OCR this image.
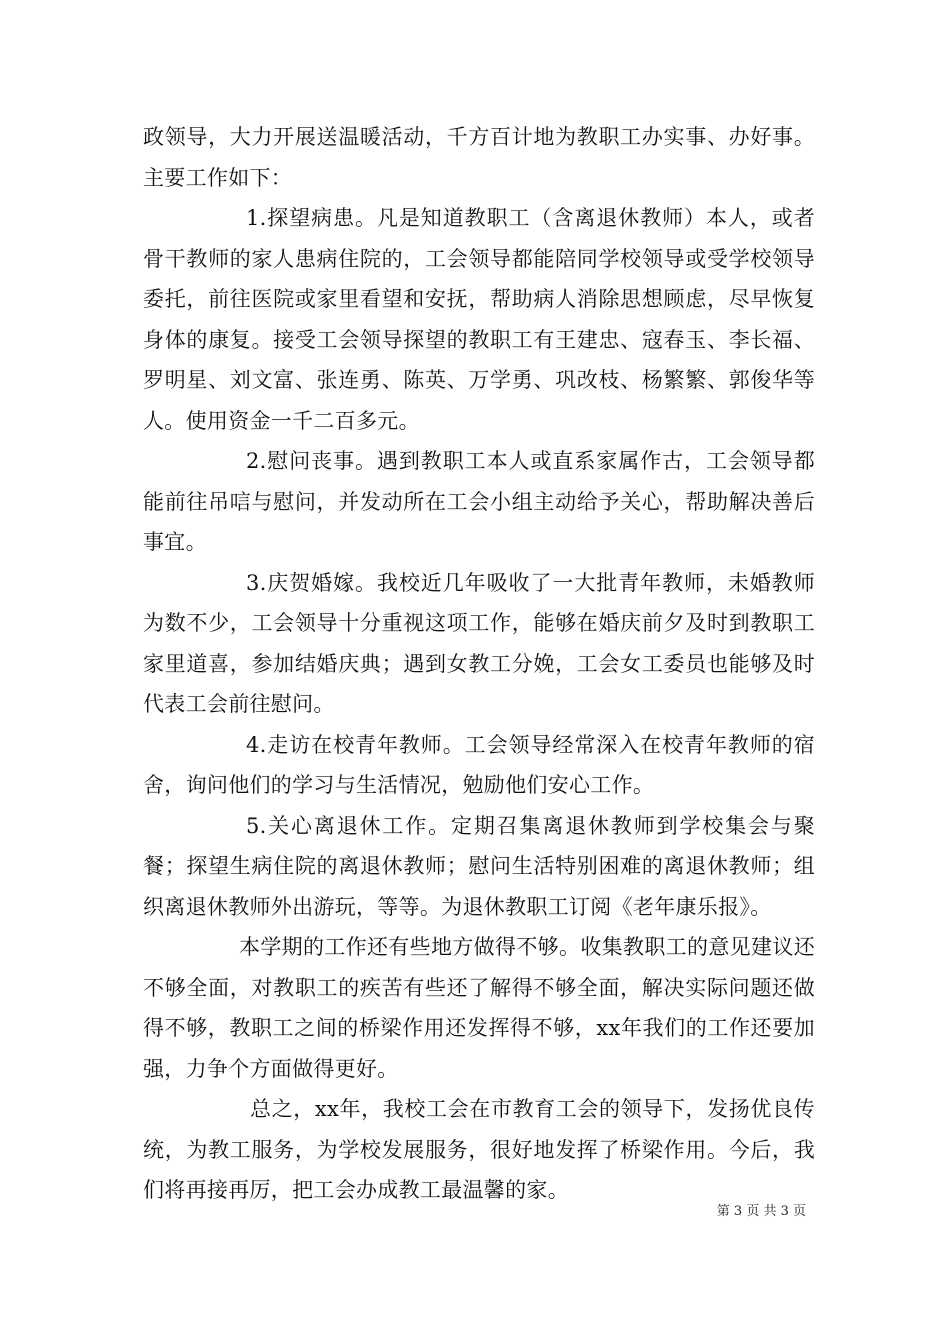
政领导，大力开展送温暖活动，千方百计地为教职工办实事、办好事。主要工作如下：

1.探望病患。凡是知道教职工（含离退休教师）本人，或者骨干教师的家人患病住院的，工会领导都能陪同学校领导或受学校领导委托，前往医院或家里看望和安抚，帮助病人消除思想顾虑，尽早恢复身体的康复。接受工会领导探望的教职工有王建忠、寇春玉、李长福、罗明星、刘文富、张连勇、陈英、万学勇、巩改枝、杨繁繁、郭俊华等人。使用资金一千二百多元。

2.慰问丧事。遇到教职工本人或直系家属作古，工会领导都能前往吊唁与慰问，并发动所在工会小组主动给予关心，帮助解决善后事宜。

3.庆贺婚嫁。我校近几年吸收了一大批青年教师，未婚教师为数不少，工会领导十分重视这项工作，能够在婚庆前夕及时到教职工家里道喜，参加结婚庆典；遇到女教工分娩，工会女工委员也能够及时代表工会前往慰问。

4.走访在校青年教师。工会领导经常深入在校青年教师的宿舍，询问他们的学习与生活情况，勉励他们安心工作。

5.关心离退休工作。定期召集离退休教师到学校集会与聚餐；探望生病住院的离退休教师；慰问生活特别困难的离退休教师；组织离退休教师外出游玩，等等。为退休教职工订阅《老年康乐报》。

本学期的工作还有些地方做得不够。收集教职工的意见建议还不够全面，对教职工的疾苦有些还了解得不够全面，解决实际问题还做得不够，教职工之间的桥梁作用还发挥得不够，xx年我们的工作还要加强，力争个方面做得更好。

总之，xx年，我校工会在市教育工会的领导下，发扬优良传统，为教工服务，为学校发展服务，很好地发挥了桥梁作用。今后，我们将再接再厉，把工会办成教工最温馨的家。

第 3 页 共 3 页
